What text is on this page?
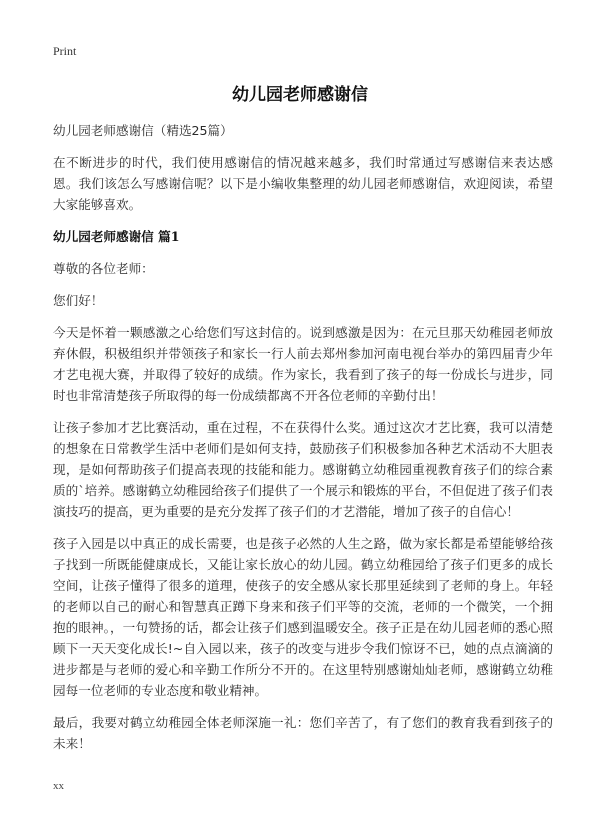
Print
幼儿园老师感谢信

幼儿园老师感谢信（精选25篇）

在不断进步的时代，我们使用感谢信的情况越来越多，我们时常通过写感谢信来表达感恩。我们该怎么写感谢信呢？以下是小编收集整理的幼儿园老师感谢信，欢迎阅读，希望大家能够喜欢。

幼儿园老师感谢信 篇1

尊敬的各位老师：

您们好！

今天是怀着一颗感激之心给您们写这封信的。说到感激是因为：在元旦那天幼稚园老师放弃休假，积极组织并带领孩子和家长一行人前去郑州参加河南电视台举办的第四届青少年才艺电视大赛，并取得了较好的成绩。作为家长，我看到了孩子的每一份成长与进步，同时也非常清楚孩子所取得的每一份成绩都离不开各位老师的辛勤付出！

让孩子参加才艺比赛活动，重在过程，不在获得什么奖。通过这次才艺比赛，我可以清楚的想象在日常教学生活中老师们是如何支持，鼓励孩子们积极参加各种艺术活动不大胆表现，是如何帮助孩子们提高表现的技能和能力。感谢鹤立幼稚园重视教育孩子们的综合素质的`培养。感谢鹤立幼稚园给孩子们提供了一个展示和锻炼的平台，不但促进了孩子们表演技巧的提高，更为重要的是充分发挥了孩子们的才艺潜能，增加了孩子的自信心！

孩子入园是以中真正的成长需要，也是孩子必然的人生之路，做为家长都是希望能够给孩子找到一所既能健康成长，又能让家长放心的幼儿园。鹤立幼稚园给了孩子们更多的成长空间，让孩子懂得了很多的道理，使孩子的安全感从家长那里延续到了老师的身上。年轻的老师以自己的耐心和智慧真正蹲下身来和孩子们平等的交流，老师的一个微笑，一个拥抱的眼神。，一句赞扬的话，都会让孩子们感到温暖安全。孩子正是在幼儿园老师的悉心照顾下一天天变化成长!~自入园以来，孩子的改变与进步令我们惊讶不已，她的点点滴滴的进步都是与老师的爱心和辛勤工作所分不开的。在这里特别感谢灿灿老师，感谢鹤立幼稚园每一位老师的专业态度和敬业精神。

最后，我要对鹤立幼稚园全体老师深施一礼：您们辛苦了，有了您们的教育我看到孩子的未来！

xx
